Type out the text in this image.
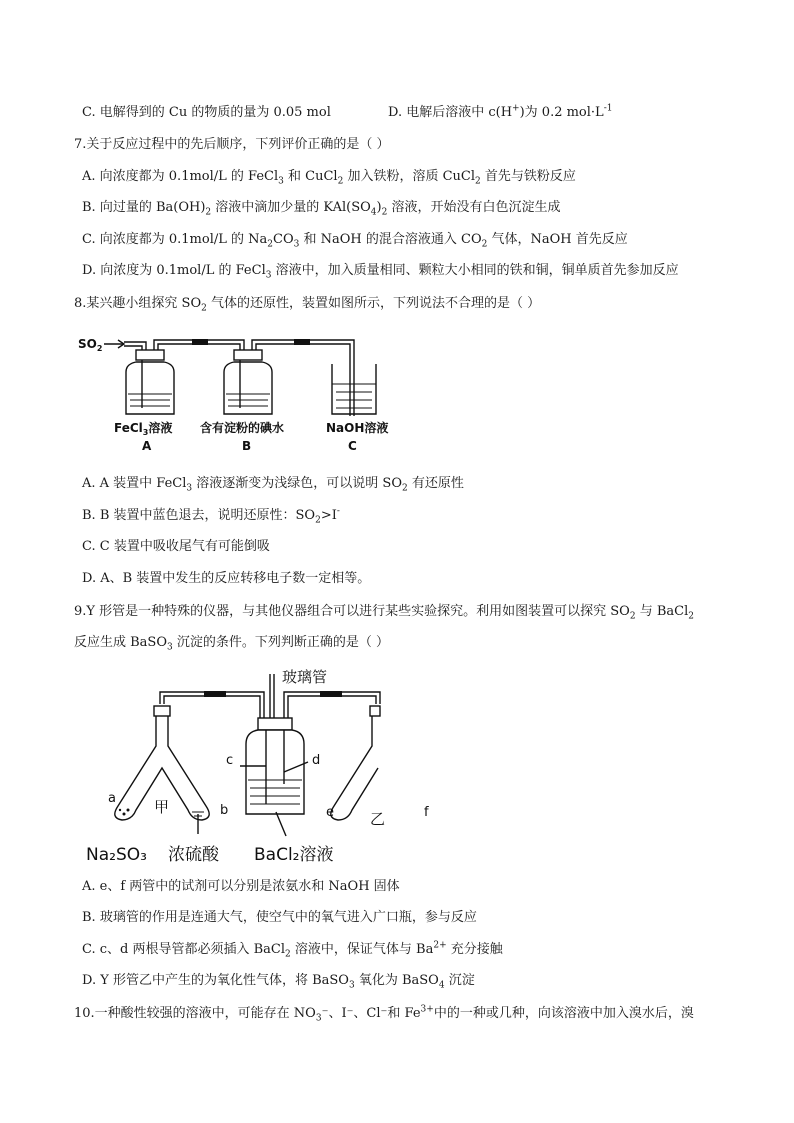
C. 电解得到的 Cu 的物质的量为 0.05 mol	D. 电解后溶液中 c(H+)为 0.2 $mol\cdot L^{-1}$
7.关于反应过程中的先后顺序，下列评价正确的是（ ）
A. 向浓度都为 0.1mol/L 的 FeCl$_3$ 和 CuCl$_2$ 加入铁粉，溶质 CuCl$_2$ 首先与铁粉反应
B. 向过量的 $Ba(OH)_2$ 溶液中滴加少量的 $KAl(SO_4)_2$ 溶液，开始没有白色沉淀生成
C. 向浓度都为 0.1mol/L 的 $Na_2CO_3$ 和 NaOH 的混合溶液通入 $CO_2$ 气体，NaOH 首先反应
D. 向浓度为 0.1mol/L 的 FeCl$_3$ 溶液中，加入质量相同、颗粒大小相同的铁和铜，铜单质首先参加反应
8.某兴趣小组探究 $SO_2$ 气体的还原性，装置如图所示，下列说法不合理的是（ ）
$SO_2$
FeCl$_3$溶液 含有淀粉的碘水	NaOH溶液
A	B	C
A. A 装置中 FeCl$_3$ 溶液逐渐变为浅绿色，可以说明 $SO_2$ 有还原性
B. B 装置中蓝色退去，说明还原性：$SO_2>I^-$
C. C 装置中吸收尾气有可能倒吸
D. A、B 装置中发生的反应转移电子数一定相等。
9.Y 形管是一种特殊的仪器，与其他仪器组合可以进行某些实验探究。利用如图装置可以探究 $SO_2$ 与 BaCl$_2$
反应生成 BaSO$_3$ 沉淀的条件。下列判断正确的是（ ）
玻璃管
a
b
c	d
e	f
甲
乙
Na₂SO₃ 浓硫酸 BaCl₂溶液
A. e、f 两管中的试剂可以分别是浓氨水和 NaOH 固体
B. 玻璃管的作用是连通大气，使空气中的氧气进入广口瓶，参与反应
C. c、d 两根导管都必须插入 BaCl$_2$ 溶液中，保证气体与 $Ba^{2+}$ 充分接触
D. Y 形管乙中产生的为氧化性气体，将 BaSO$_3$ 氧化为 BaSO$_4$ 沉淀
10.一种酸性较强的溶液中，可能存在 $NO_3^-$、I⁻、Cl⁻和 $Fe^{3+}$中的一种或几种，向该溶液中加入溴水后，溴
